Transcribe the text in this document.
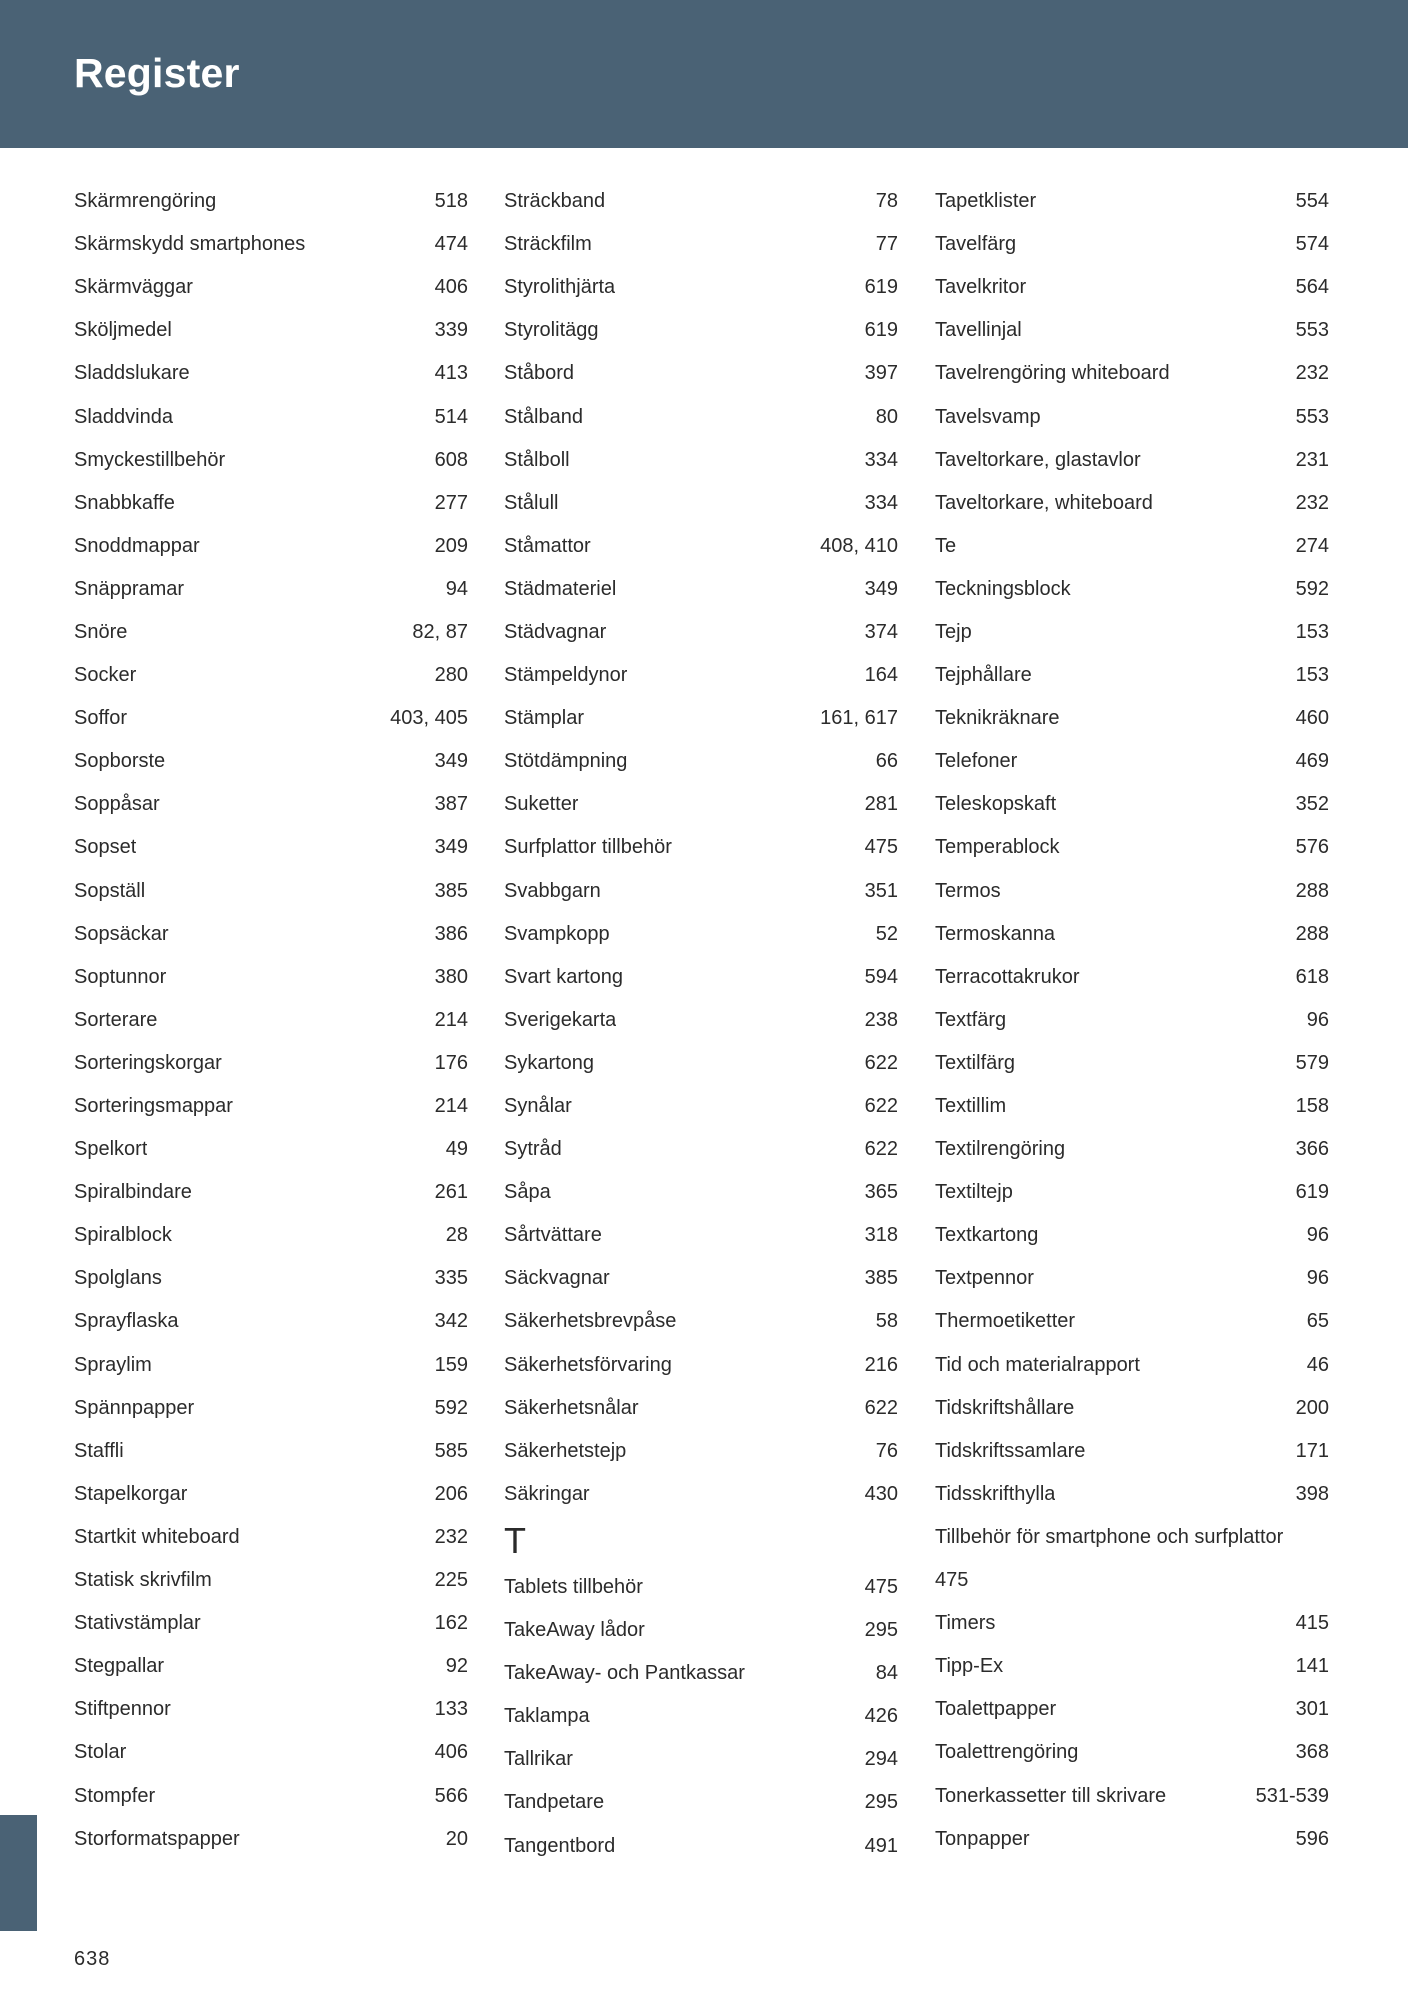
Register
Skärmrengöring	518
Skärmskydd smartphones	474
Skärmväggar	406
Sköljmedel	339
Sladdslukare	413
Sladdvinda	514
Smyckestillbehör	608
Snabbkaffe	277
Snoddmappar	209
Snäppramar	94
Snöre	82, 87
Socker	280
Soffor	403, 405
Sopborste	349
Soppåsar	387
Sopset	349
Sopställ	385
Sopsäckar	386
Soptunnor	380
Sorterare	214
Sorteringskorgar	176
Sorteringsmappar	214
Spelkort	49
Spiralbindare	261
Spiralblock	28
Spolglans	335
Sprayflaska	342
Spraylim	159
Spännpapper	592
Staffli	585
Stapelkorgar	206
Startkit whiteboard	232
Statisk skrivfilm	225
Stativstämplar	162
Stegpallar	92
Stiftpennor	133
Stolar	406
Stompfer	566
Storformatspapper	20
Sträckband	78
Sträckfilm	77
Styrolithjärta	619
Styrolitägg	619
Ståbord	397
Stålband	80
Stålboll	334
Stålull	334
Ståmattor	408, 410
Städmateriel	349
Städvagnar	374
Stämpeldynor	164
Stämplar	161, 617
Stötdämpning	66
Suketter	281
Surfplattor tillbehör	475
Svabbgarn	351
Svampkopp	52
Svart kartong	594
Sverigekarta	238
Sykartong	622
Synålar	622
Sytråd	622
Såpa	365
Sårtvättare	318
Säckvagnar	385
Säkerhetsbrevpåse	58
Säkerhetsförvaring	216
Säkerhetsnålar	622
Säkerhetstejp	76
Säkringar	430
T
Tablets tillbehör	475
TakeAway lådor	295
TakeAway- och Pantkassar	84
Taklampa	426
Tallrikar	294
Tandpetare	295
Tangentbord	491
Tapetklister	554
Tavelfärg	574
Tavelkritor	564
Tavellinjal	553
Tavelrengöring whiteboard	232
Tavelsvamp	553
Taveltorkare, glastavlor	231
Taveltorkare, whiteboard	232
Te	274
Teckningsblock	592
Tejp	153
Tejphållare	153
Teknikräknare	460
Telefoner	469
Teleskopskaft	352
Temperablock	576
Termos	288
Termoskanna	288
Terracottakrukor	618
Textfärg	96
Textilfärg	579
Textillim	158
Textilrengöring	366
Textiltejp	619
Textkartong	96
Textpennor	96
Thermoetiketter	65
Tid och materialrapport	46
Tidskriftshållare	200
Tidskriftssamlare	171
Tidsskrifthylla	398
Tillbehör för smartphone och surfplattor
475
Timers	415
Tipp-Ex	141
Toalettpapper	301
Toalettrengöring	368
Tonerkassetter till skrivare	531-539
Tonpapper	596
638
